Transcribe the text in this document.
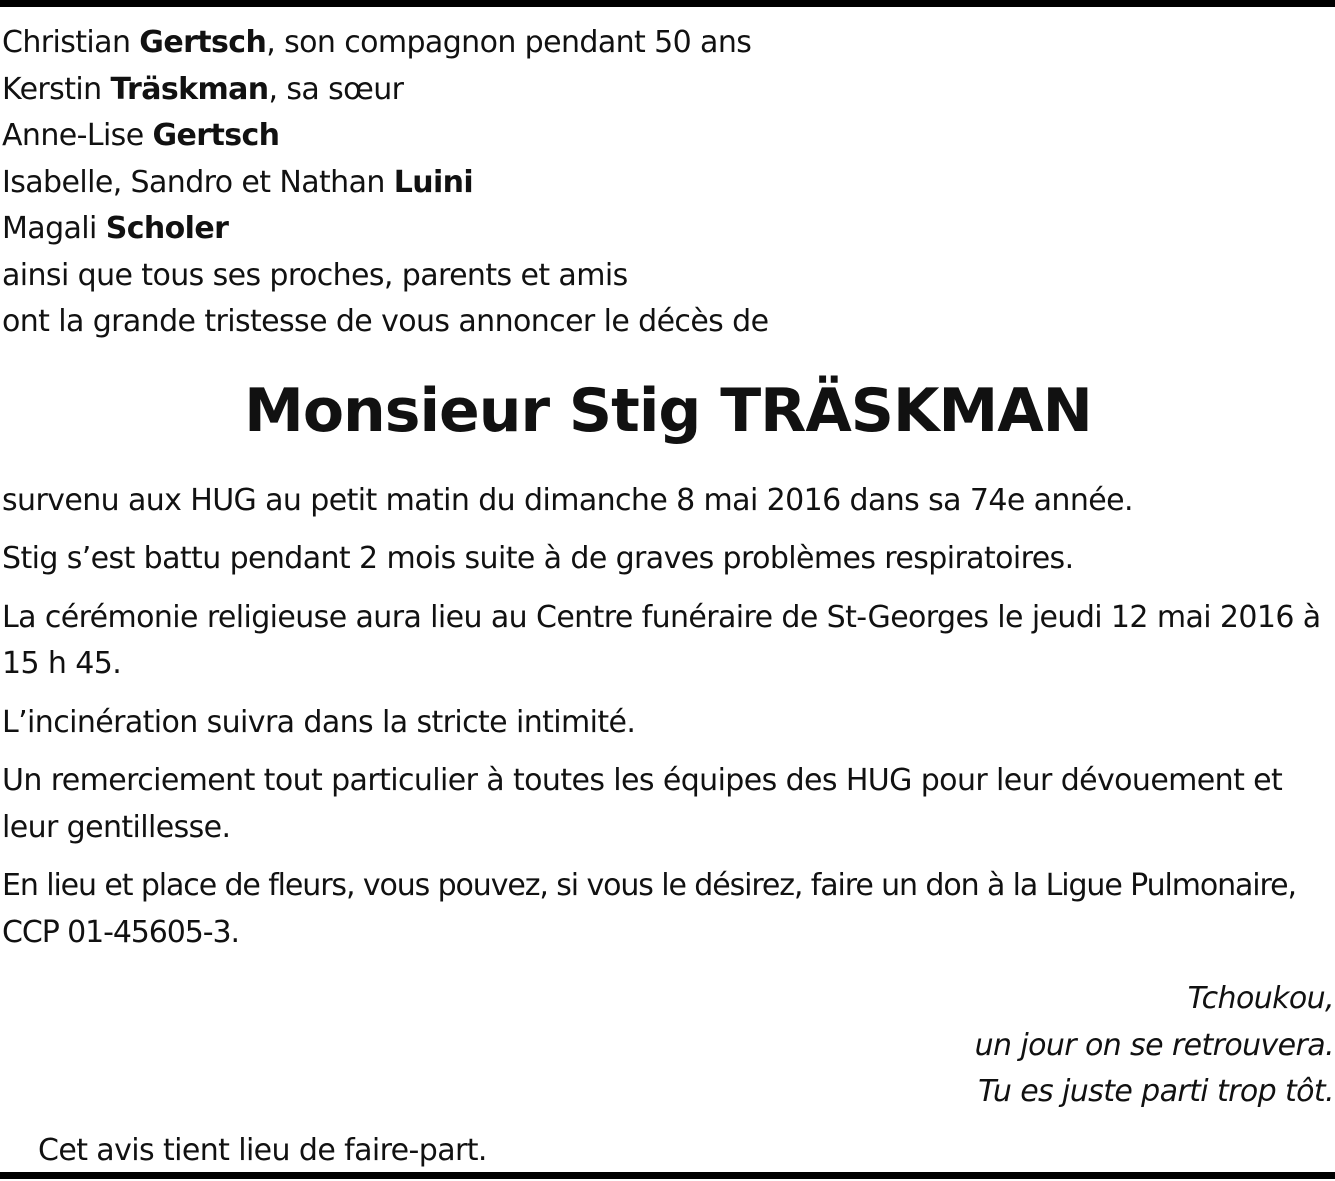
Christian Gertsch, son compagnon pendant 50 ans
Kerstin Träskman, sa sœur
Anne-Lise Gertsch
Isabelle, Sandro et Nathan Luini
Magali Scholer
ainsi que tous ses proches, parents et amis
ont la grande tristesse de vous annoncer le décès de
Monsieur Stig TRÄSKMAN

survenu aux HUG au petit matin du dimanche 8 mai 2016 dans sa 74e année.

Stig s’est battu pendant 2 mois suite à de graves problèmes respiratoires.

La cérémonie religieuse aura lieu au Centre funéraire de St-Georges le jeudi 12 mai 2016 à 15 h 45.

L’incinération suivra dans la stricte intimité.

Un remerciement tout particulier à toutes les équipes des HUG pour leur dévouement et leur gentillesse.

En lieu et place de fleurs, vous pouvez, si vous le désirez, faire un don à la Ligue Pulmonaire, CCP 01-45605-3.

Tchoukou,
un jour on se retrouvera.
Tu es juste parti trop tôt.
Cet avis tient lieu de faire-part.
